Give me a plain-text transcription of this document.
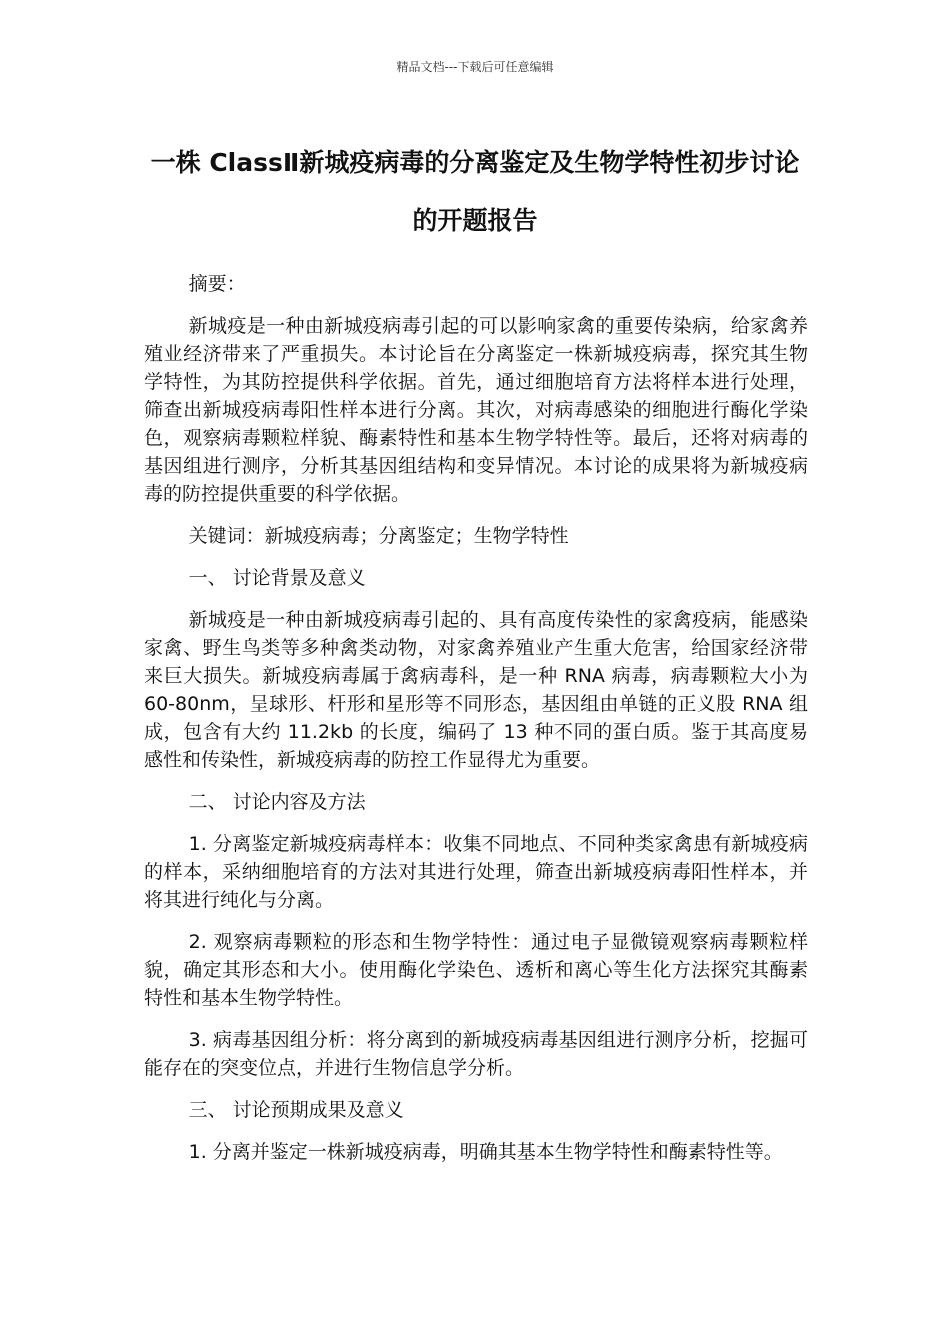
精品文档---下载后可任意编辑
一株 ClassⅡ新城疫病毒的分离鉴定及生物学特性初步讨论的开题报告

摘要：

新城疫是一种由新城疫病毒引起的可以影响家禽的重要传染病，给家禽养殖业经济带来了严重损失。本讨论旨在分离鉴定一株新城疫病毒，探究其生物学特性，为其防控提供科学依据。首先，通过细胞培育方法将样本进行处理，筛查出新城疫病毒阳性样本进行分离。其次，对病毒感染的细胞进行酶化学染色，观察病毒颗粒样貌、酶素特性和基本生物学特性等。最后，还将对病毒的基因组进行测序，分析其基因组结构和变异情况。本讨论的成果将为新城疫病毒的防控提供重要的科学依据。

关键词：新城疫病毒；分离鉴定；生物学特性

一、 讨论背景及意义

新城疫是一种由新城疫病毒引起的、具有高度传染性的家禽疫病，能感染家禽、野生鸟类等多种禽类动物，对家禽养殖业产生重大危害，给国家经济带来巨大损失。新城疫病毒属于禽病毒科，是一种 RNA 病毒，病毒颗粒大小为 60-80nm，呈球形、杆形和星形等不同形态，基因组由单链的正义股 RNA 组成，包含有大约 11.2kb 的长度，编码了 13 种不同的蛋白质。鉴于其高度易感性和传染性，新城疫病毒的防控工作显得尤为重要。

二、 讨论内容及方法

1. 分离鉴定新城疫病毒样本：收集不同地点、不同种类家禽患有新城疫病的样本，采纳细胞培育的方法对其进行处理，筛查出新城疫病毒阳性样本，并将其进行纯化与分离。

2. 观察病毒颗粒的形态和生物学特性：通过电子显微镜观察病毒颗粒样貌，确定其形态和大小。使用酶化学染色、透析和离心等生化方法探究其酶素特性和基本生物学特性。

3. 病毒基因组分析：将分离到的新城疫病毒基因组进行测序分析，挖掘可能存在的突变位点，并进行生物信息学分析。

三、 讨论预期成果及意义

1. 分离并鉴定一株新城疫病毒，明确其基本生物学特性和酶素特性等。
